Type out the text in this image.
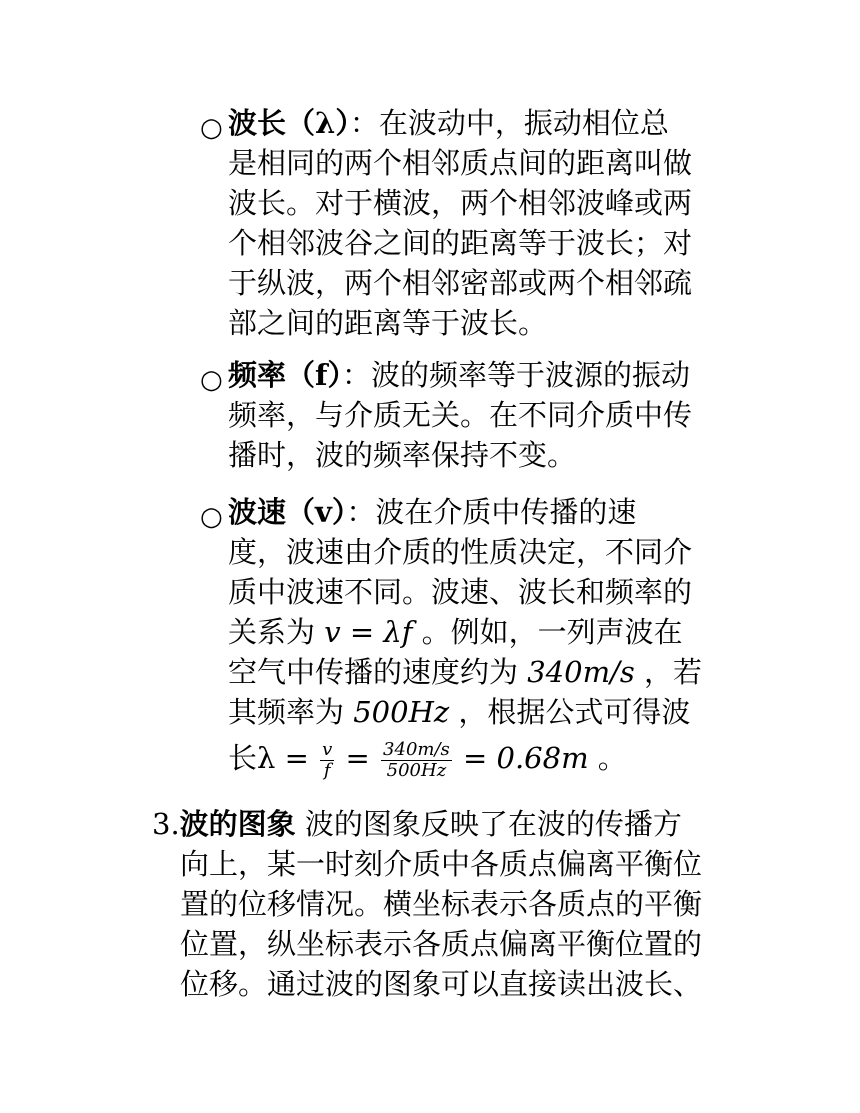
○ 波长（λ）：在波动中，振动相位总
是相同的两个相邻质点间的距离叫做
波长。对于横波，两个相邻波峰或两
个相邻波谷之间的距离等于波长；对
于纵波，两个相邻密部或两个相邻疏
部之间的距离等于波长。
○ 频率（f）：波的频率等于波源的振动
频率，与介质无关。在不同介质中传
播时，波的频率保持不变。
○ 波速（v）：波在介质中传播的速
度，波速由介质的性质决定，不同介
质中波速不同。波速、波长和频率的
关系为 v = λf 。例如，一列声波在
空气中传播的速度约为 340m/s ，若
其频率为 500Hz ，根据公式可得波
长$\lambda = \frac{v}{f} = \frac{340m/s}{500Hz} = 0.68m$ 。
3.波的图象 波的图象反映了在波的传播方
向上，某一时刻介质中各质点偏离平衡位
置的位移情况。横坐标表示各质点的平衡
位置，纵坐标表示各质点偏离平衡位置的
位移。通过波的图象可以直接读出波长、
